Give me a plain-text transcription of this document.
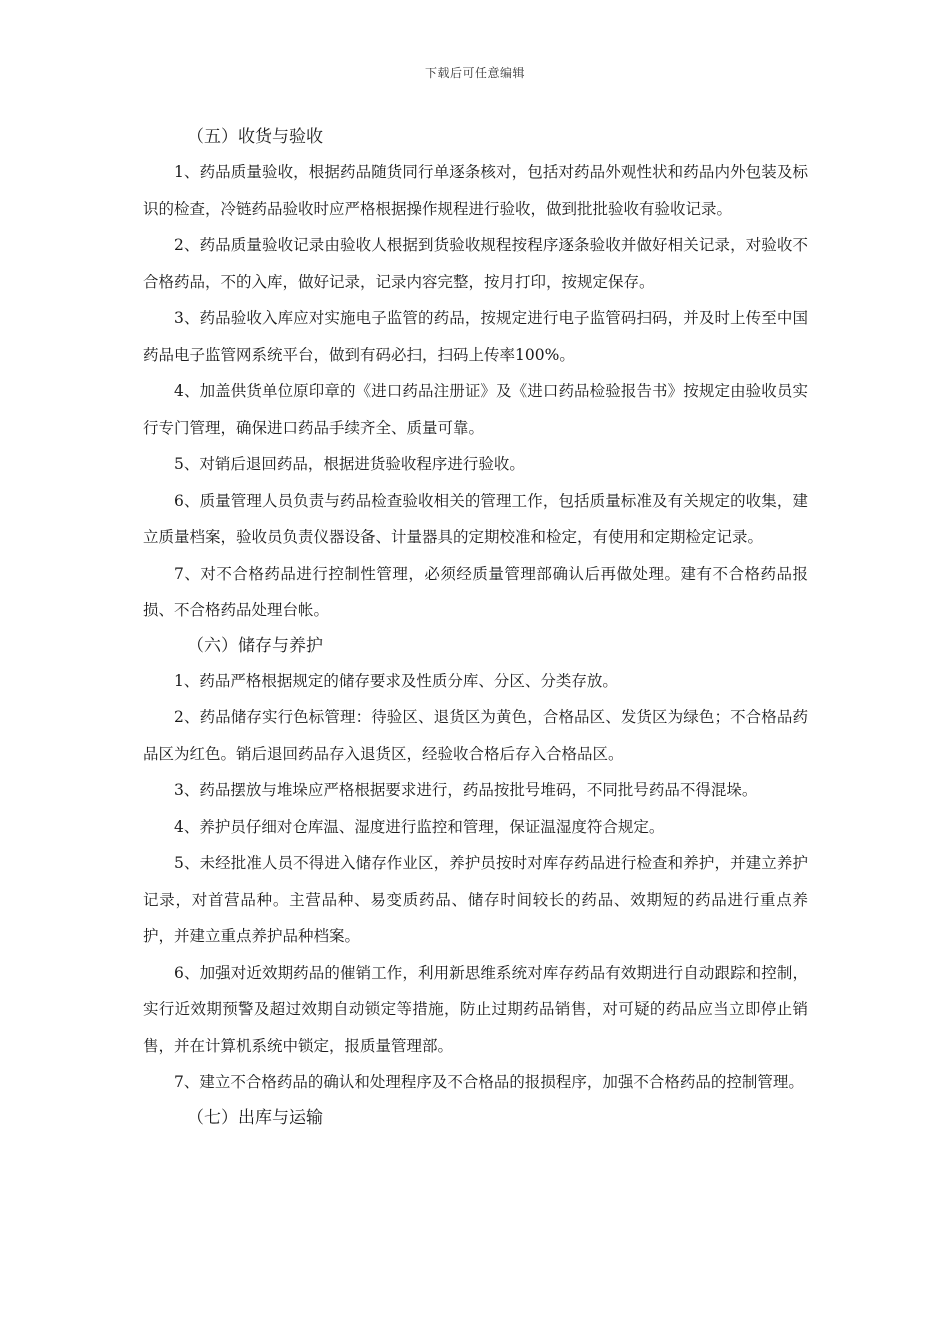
下载后可任意编辑
（五）收货与验收

1、药品质量验收，根据药品随货同行单逐条核对，包括对药品外观性状和药品内外包装及标识的检查，冷链药品验收时应严格根据操作规程进行验收，做到批批验收有验收记录。

2、药品质量验收记录由验收人根据到货验收规程按程序逐条验收并做好相关记录，对验收不合格药品，不的入库，做好记录，记录内容完整，按月打印，按规定保存。

3、药品验收入库应对实施电子监管的药品，按规定进行电子监管码扫码，并及时上传至中国药品电子监管网系统平台，做到有码必扫，扫码上传率100%。

4、加盖供货单位原印章的《进口药品注册证》及《进口药品检验报告书》按规定由验收员实行专门管理，确保进口药品手续齐全、质量可靠。

5、对销后退回药品，根据进货验收程序进行验收。

6、质量管理人员负责与药品检查验收相关的管理工作，包括质量标准及有关规定的收集，建立质量档案，验收员负责仪器设备、计量器具的定期校准和检定，有使用和定期检定记录。

7、对不合格药品进行控制性管理，必须经质量管理部确认后再做处理。建有不合格药品报损、不合格药品处理台帐。

（六）储存与养护

1、药品严格根据规定的储存要求及性质分库、分区、分类存放。

2、药品储存实行色标管理：待验区、退货区为黄色，合格品区、发货区为绿色；不合格品药品区为红色。销后退回药品存入退货区，经验收合格后存入合格品区。

3、药品摆放与堆垛应严格根据要求进行，药品按批号堆码，不同批号药品不得混垛。

4、养护员仔细对仓库温、湿度进行监控和管理，保证温湿度符合规定。

5、未经批准人员不得进入储存作业区，养护员按时对库存药品进行检查和养护，并建立养护记录，对首营品种。主营品种、易变质药品、储存时间较长的药品、效期短的药品进行重点养护，并建立重点养护品种档案。

6、加强对近效期药品的催销工作，利用新思维系统对库存药品有效期进行自动跟踪和控制，实行近效期预警及超过效期自动锁定等措施，防止过期药品销售，对可疑的药品应当立即停止销售，并在计算机系统中锁定，报质量管理部。

7、建立不合格药品的确认和处理程序及不合格品的报损程序，加强不合格药品的控制管理。

（七）出库与运输
